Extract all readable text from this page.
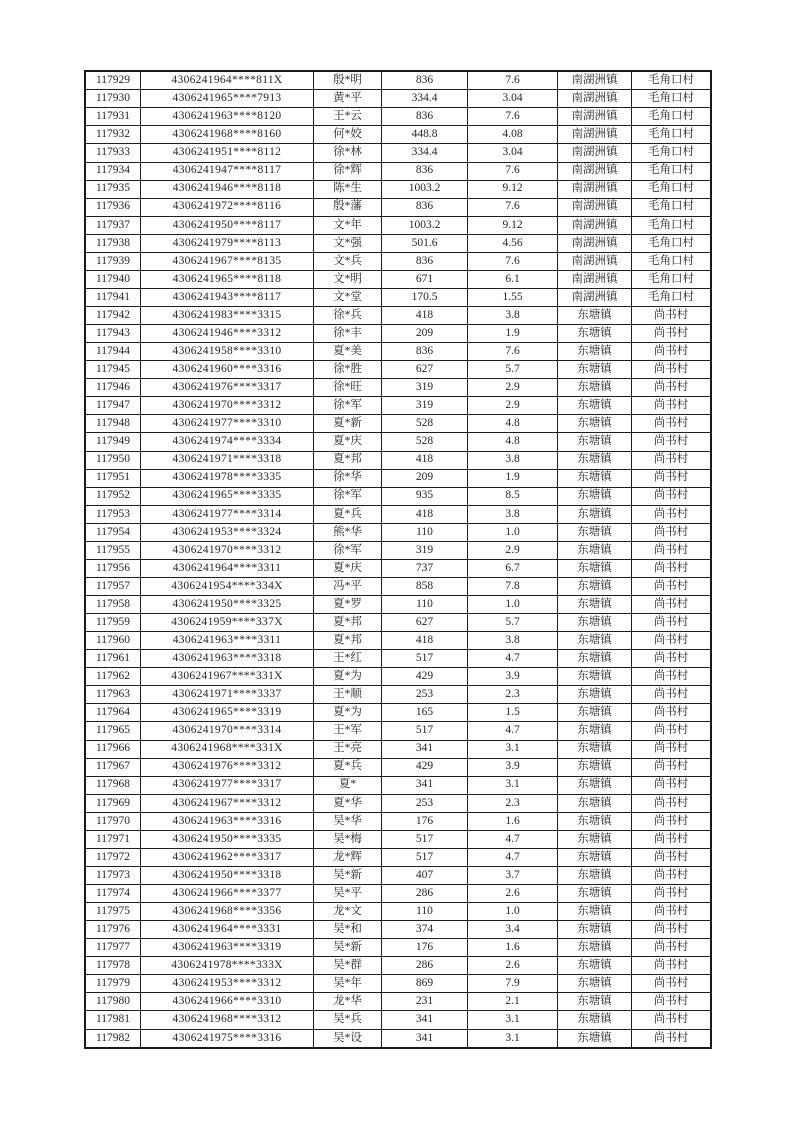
117929	4306241964****811X	殷*明	836	7.6	南湖洲镇	毛角口村
117930	4306241965****7913	黄*平	334.4	3.04	南湖洲镇	毛角口村
117931	4306241963****8120	王*云	836	7.6	南湖洲镇	毛角口村
117932	4306241968****8160	何*姣	448.8	4.08	南湖洲镇	毛角口村
117933	4306241951****8112	徐*林	334.4	3.04	南湖洲镇	毛角口村
117934	4306241947****8117	徐*辉	836	7.6	南湖洲镇	毛角口村
117935	4306241946****8118	陈*生	1003.2	9.12	南湖洲镇	毛角口村
117936	4306241972****8116	殷*藩	836	7.6	南湖洲镇	毛角口村
117937	4306241950****8117	文*年	1003.2	9.12	南湖洲镇	毛角口村
117938	4306241979****8113	文*强	501.6	4.56	南湖洲镇	毛角口村
117939	4306241967****8135	文*兵	836	7.6	南湖洲镇	毛角口村
117940	4306241965****8118	文*明	671	6.1	南湖洲镇	毛角口村
117941	4306241943****8117	文*堂	170.5	1.55	南湖洲镇	毛角口村
117942	4306241983****3315	徐*兵	418	3.8	东塘镇	尚书村
117943	4306241946****3312	徐*丰	209	1.9	东塘镇	尚书村
117944	4306241958****3310	夏*美	836	7.6	东塘镇	尚书村
117945	4306241960****3316	徐*胜	627	5.7	东塘镇	尚书村
117946	4306241976****3317	徐*旺	319	2.9	东塘镇	尚书村
117947	4306241970****3312	徐*军	319	2.9	东塘镇	尚书村
117948	4306241977****3310	夏*新	528	4.8	东塘镇	尚书村
117949	4306241974****3334	夏*庆	528	4.8	东塘镇	尚书村
117950	4306241971****3318	夏*邦	418	3.8	东塘镇	尚书村
117951	4306241978****3335	徐*华	209	1.9	东塘镇	尚书村
117952	4306241965****3335	徐*军	935	8.5	东塘镇	尚书村
117953	4306241977****3314	夏*兵	418	3.8	东塘镇	尚书村
117954	4306241953****3324	熊*华	110	1.0	东塘镇	尚书村
117955	4306241970****3312	徐*军	319	2.9	东塘镇	尚书村
117956	4306241964****3311	夏*庆	737	6.7	东塘镇	尚书村
117957	4306241954****334X	冯*平	858	7.8	东塘镇	尚书村
117958	4306241950****3325	夏*罗	110	1.0	东塘镇	尚书村
117959	4306241959****337X	夏*邦	627	5.7	东塘镇	尚书村
117960	4306241963****3311	夏*邦	418	3.8	东塘镇	尚书村
117961	4306241963****3318	王*红	517	4.7	东塘镇	尚书村
117962	4306241967****331X	夏*为	429	3.9	东塘镇	尚书村
117963	4306241971****3337	王*顺	253	2.3	东塘镇	尚书村
117964	4306241965****3319	夏*为	165	1.5	东塘镇	尚书村
117965	4306241970****3314	王*军	517	4.7	东塘镇	尚书村
117966	4306241968****331X	王*亮	341	3.1	东塘镇	尚书村
117967	4306241976****3312	夏*兵	429	3.9	东塘镇	尚书村
117968	4306241977****3317	夏*	341	3.1	东塘镇	尚书村
117969	4306241967****3312	夏*华	253	2.3	东塘镇	尚书村
117970	4306241963****3316	吴*华	176	1.6	东塘镇	尚书村
117971	4306241950****3335	吴*梅	517	4.7	东塘镇	尚书村
117972	4306241962****3317	龙*辉	517	4.7	东塘镇	尚书村
117973	4306241950****3318	吴*新	407	3.7	东塘镇	尚书村
117974	4306241966****3377	吴*平	286	2.6	东塘镇	尚书村
117975	4306241968****3356	龙*文	110	1.0	东塘镇	尚书村
117976	4306241964****3331	吴*和	374	3.4	东塘镇	尚书村
117977	4306241963****3319	吴*新	176	1.6	东塘镇	尚书村
117978	4306241978****333X	吴*群	286	2.6	东塘镇	尚书村
117979	4306241953****3312	吴*年	869	7.9	东塘镇	尚书村
117980	4306241966****3310	龙*华	231	2.1	东塘镇	尚书村
117981	4306241968****3312	吴*兵	341	3.1	东塘镇	尚书村
117982	4306241975****3316	吴*设	341	3.1	东塘镇	尚书村
